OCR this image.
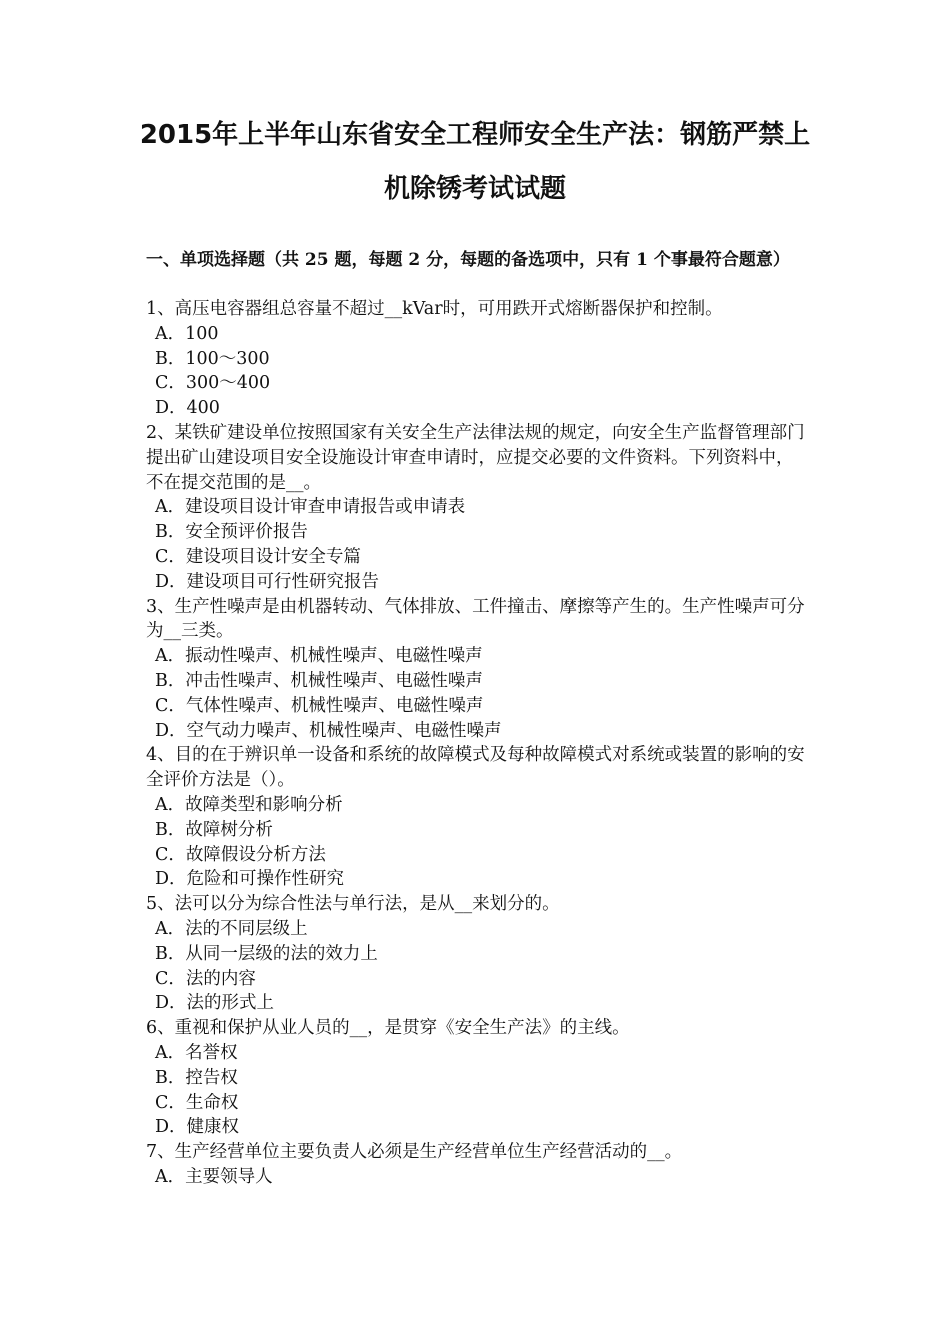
2015年上半年山东省安全工程师安全生产法：钢筋严禁上
机除锈考试试题
一、单项选择题（共 25 题，每题 2 分，每题的备选项中，只有 1 个事最符合题意）

1、高压电容器组总容量不超过__kVar时，可用跌开式熔断器保护和控制。

A．100

B．100～300

C．300～400

D．400

2、某铁矿建设单位按照国家有关安全生产法律法规的规定，向安全生产监督管理部门提出矿山建设项目安全设施设计审查申请时，应提交必要的文件资料。下列资料中，不在提交范围的是__。

A．建设项目设计审查申请报告或申请表

B．安全预评价报告

C．建设项目设计安全专篇

D．建设项目可行性研究报告

3、生产性噪声是由机器转动、气体排放、工件撞击、摩擦等产生的。生产性噪声可分为__三类。

A．振动性噪声、机械性噪声、电磁性噪声

B．冲击性噪声、机械性噪声、电磁性噪声

C．气体性噪声、机械性噪声、电磁性噪声

D．空气动力噪声、机械性噪声、电磁性噪声

4、目的在于辨识单一设备和系统的故障模式及每种故障模式对系统或装置的影响的安全评价方法是（）。

A．故障类型和影响分析

B．故障树分析

C．故障假设分析方法

D．危险和可操作性研究

5、法可以分为综合性法与单行法，是从__来划分的。

A．法的不同层级上

B．从同一层级的法的效力上

C．法的内容

D．法的形式上

6、重视和保护从业人员的__，是贯穿《安全生产法》的主线。

A．名誉权

B．控告权

C．生命权

D．健康权

7、生产经营单位主要负责人必须是生产经营单位生产经营活动的__。

A．主要领导人
